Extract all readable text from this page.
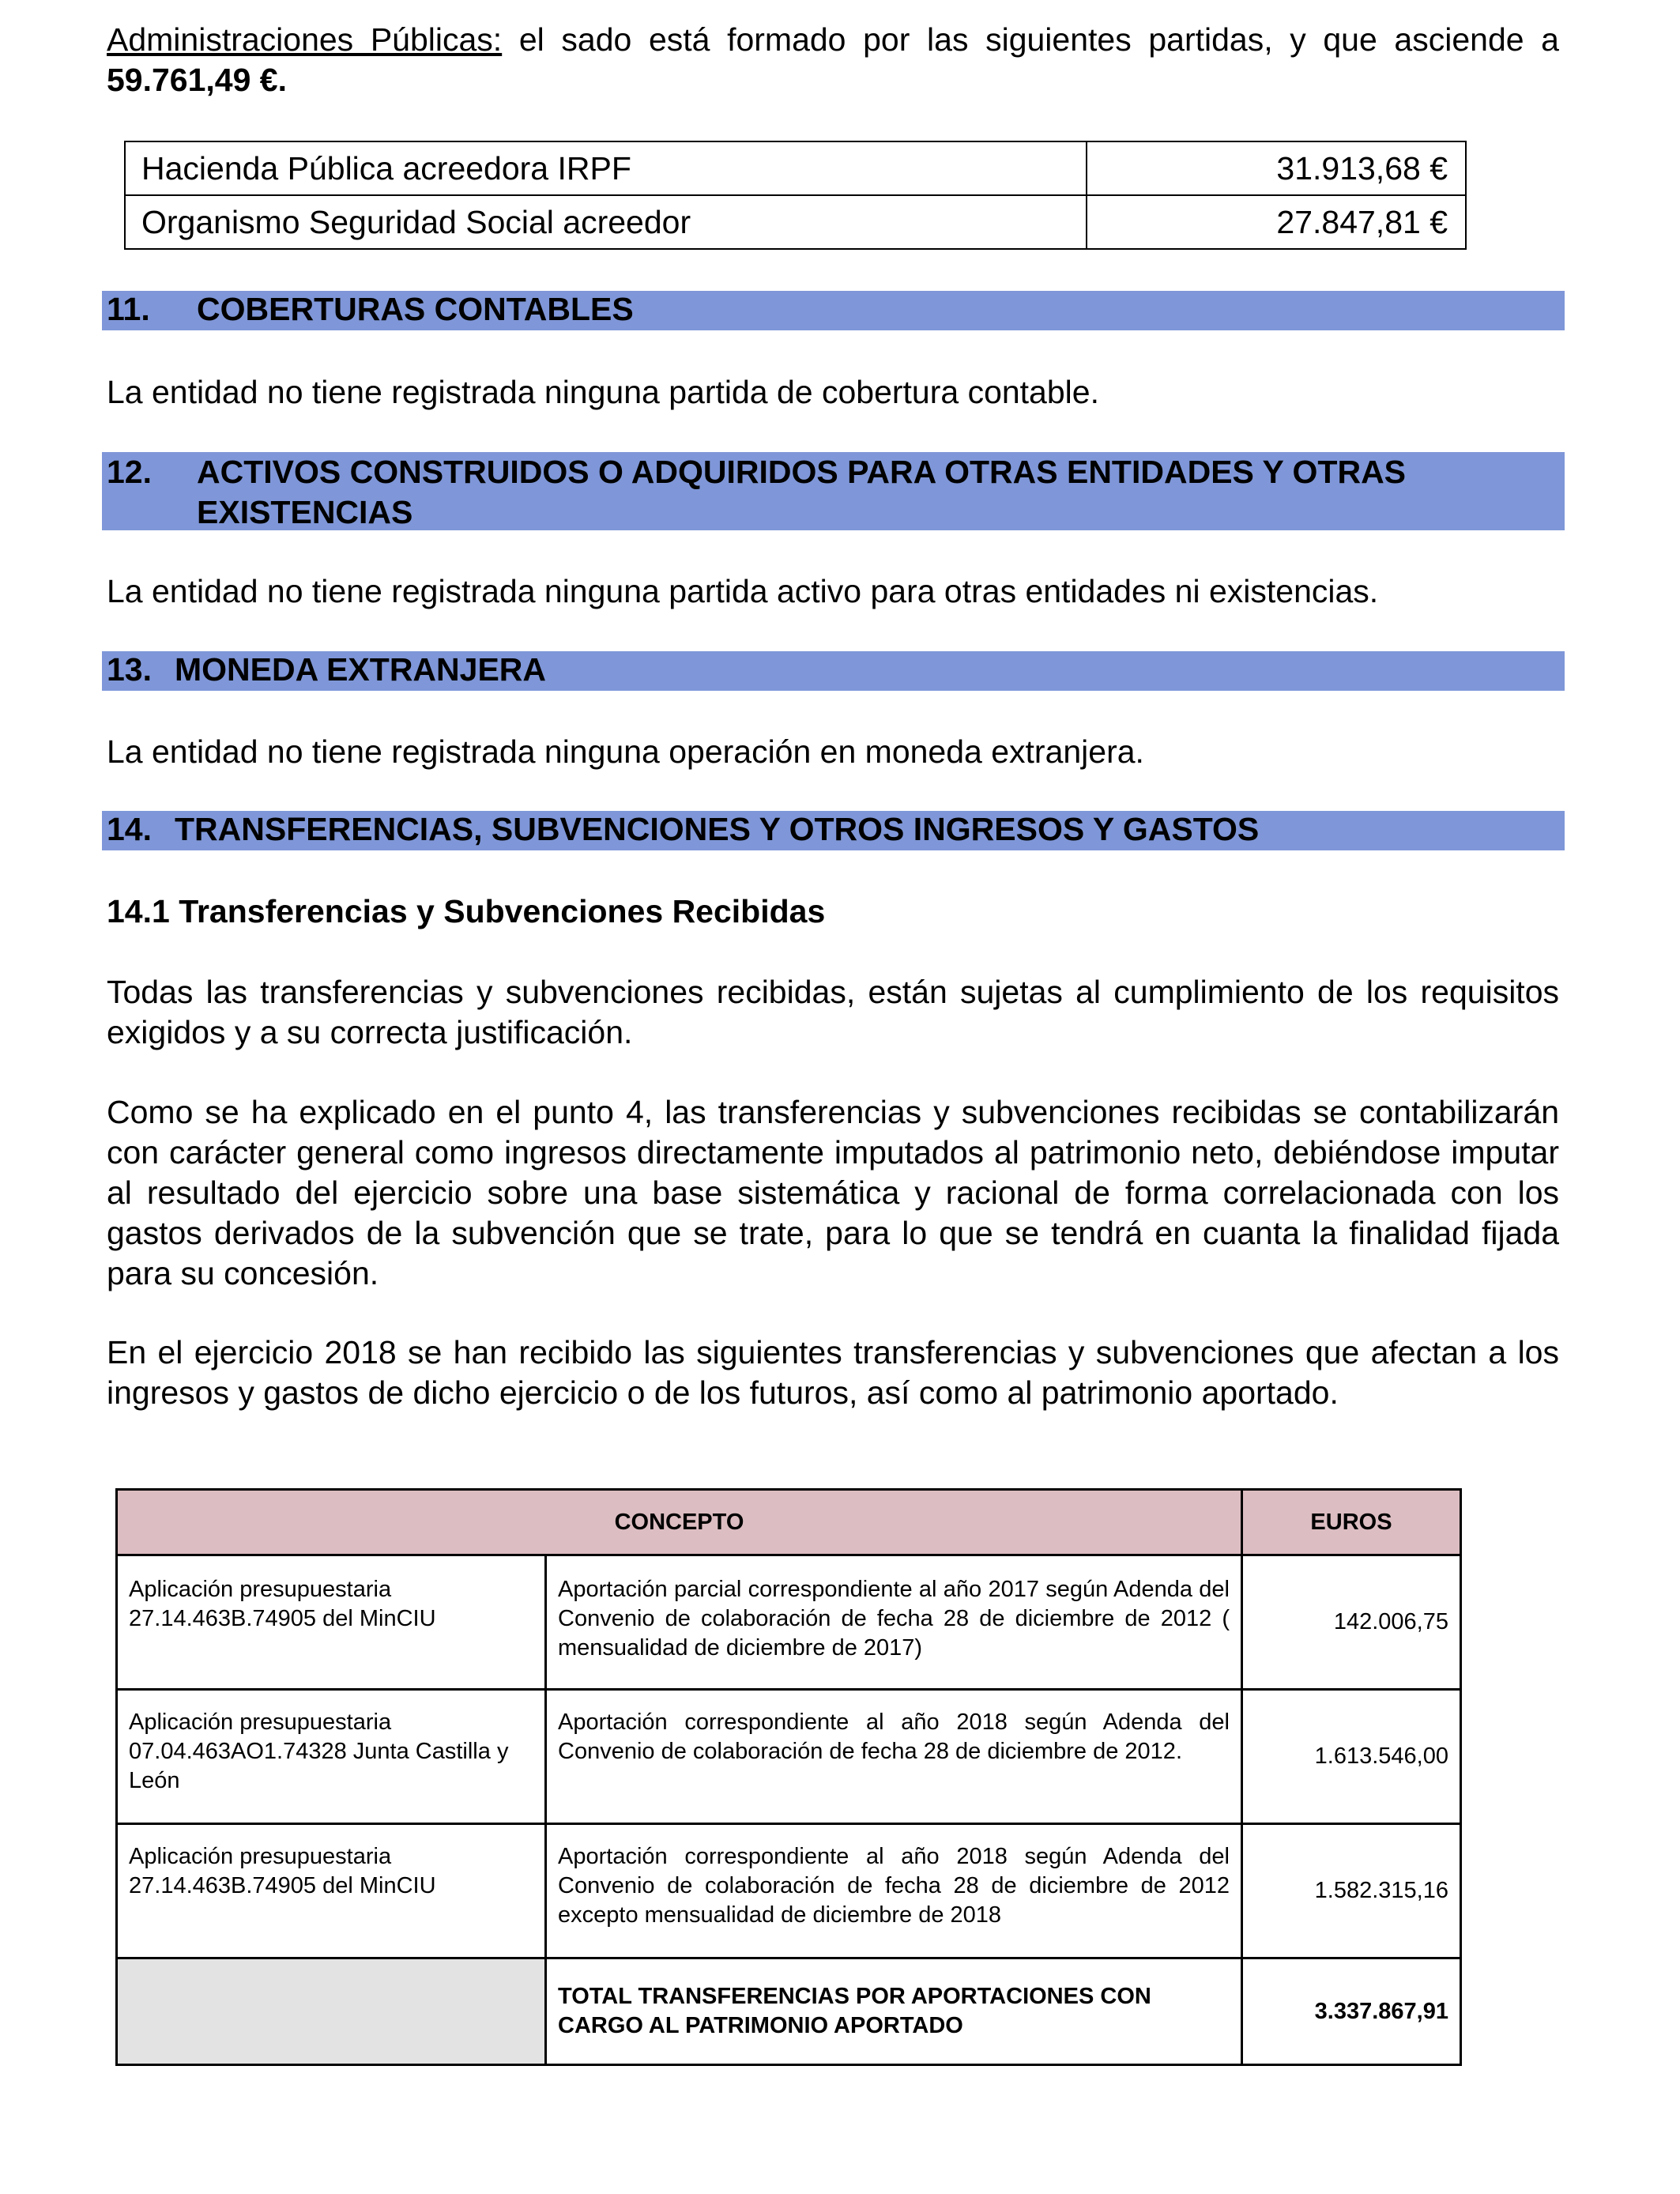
Administraciones Públicas: el sado está formado por las siguientes partidas, y que asciende a
59.761,49 €.
Hacienda Pública acreedora IRPF	31.913,68 €
Organismo Seguridad Social acreedor	27.847,81 €
11. COBERTURAS CONTABLES
La entidad no tiene registrada ninguna partida de cobertura contable.
12. ACTIVOS CONSTRUIDOS O ADQUIRIDOS PARA OTRAS ENTIDADES Y OTRAS EXISTENCIAS
La entidad no tiene registrada ninguna partida activo para otras entidades ni existencias.
13. MONEDA EXTRANJERA
La entidad no tiene registrada ninguna operación en moneda extranjera.
14. TRANSFERENCIAS, SUBVENCIONES Y OTROS INGRESOS Y GASTOS
14.1 Transferencias y Subvenciones Recibidas
Todas las transferencias y subvenciones recibidas, están sujetas al cumplimiento de los requisitos exigidos y a su correcta justificación.
Como se ha explicado en el punto 4, las transferencias y subvenciones recibidas se contabilizarán con carácter general como ingresos directamente imputados al patrimonio neto, debiéndose imputar al resultado del ejercicio sobre una base sistemática y racional de forma correlacionada con los gastos derivados de la subvención que se trate, para lo que se tendrá en cuanta la finalidad fijada para su concesión.
En el ejercicio 2018 se han recibido las siguientes transferencias y subvenciones que afectan a los ingresos y gastos de dicho ejercicio o de los futuros, así como al patrimonio aportado.
CONCEPTO		EUROS
Aplicación presupuestaria 27.14.463B.74905 del MinCIU	Aportación parcial correspondiente al año 2017 según Adenda del Convenio de colaboración de fecha 28 de diciembre de 2012 ( mensualidad de diciembre de 2017)	142.006,75
Aplicación presupuestaria 07.04.463AO1.74328 Junta Castilla y León	Aportación correspondiente al año 2018 según Adenda del Convenio de colaboración de fecha 28 de diciembre de 2012.	1.613.546,00
Aplicación presupuestaria 27.14.463B.74905 del MinCIU	Aportación correspondiente al año 2018 según Adenda del Convenio de colaboración de fecha 28 de diciembre de 2012 excepto mensualidad de diciembre de 2018	1.582.315,16
	TOTAL TRANSFERENCIAS POR APORTACIONES CON CARGO AL PATRIMONIO APORTADO	3.337.867,91
